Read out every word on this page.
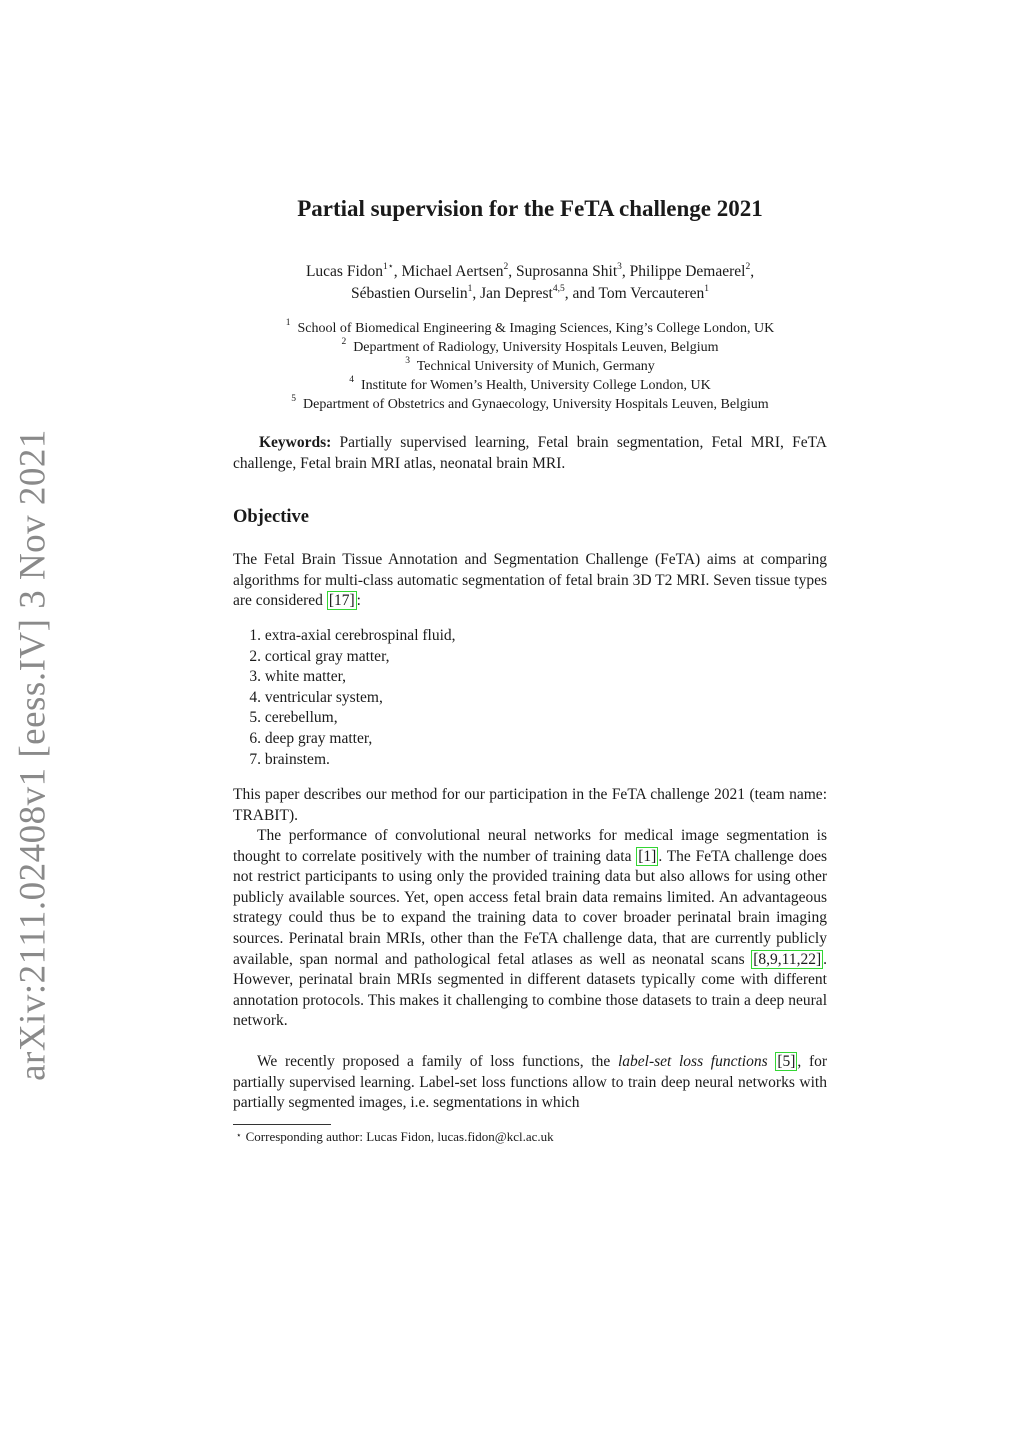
arXiv:2111.02408v1 [eess.IV] 3 Nov 2021
Partial supervision for the FeTA challenge 2021
Lucas Fidon$^{1⋆}$, Michael Aertsen$^2$, Suprosanna Shit$^3$, Philippe Demaerel$^2$,
Sébastien Ourselin$^1$, Jan Deprest$^{4,5}$, and Tom Vercauteren$^1$
$^1$ School of Biomedical Engineering & Imaging Sciences, King’s College London, UK
$^2$ Department of Radiology, University Hospitals Leuven, Belgium
$^3$ Technical University of Munich, Germany
$^4$ Institute for Women’s Health, University College London, UK
$^5$ Department of Obstetrics and Gynaecology, University Hospitals Leuven, Belgium
Keywords: Partially supervised learning, Fetal brain segmentation, Fetal MRI, FeTA challenge, Fetal brain MRI atlas, neonatal brain MRI.
Objective

The Fetal Brain Tissue Annotation and Segmentation Challenge (FeTA) aims at comparing algorithms for multi-class automatic segmentation of fetal brain 3D T2 MRI. Seven tissue types are considered [17] :

1.
extra-axial cerebrospinal fluid,
2.
cortical gray matter,
3.
white matter,
4.
ventricular system,
5.
cerebellum,
6.
deep gray matter,
7.
brainstem.

This paper describes our method for our participation in the FeTA challenge 2021 (team name: TRABIT).

The performance of convolutional neural networks for medical image segmentation is thought to correlate positively with the number of training data [1] . The FeTA challenge does not restrict participants to using only the provided training data but also allows for using other publicly available sources. Yet, open access fetal brain data remains limited. An advantageous strategy could thus be to expand the training data to cover broader perinatal brain imaging sources. Perinatal brain MRIs, other than the FeTA challenge data, that are currently publicly available, span normal and pathological fetal atlases as well as neonatal scans [8,9,11,22] . However, perinatal brain MRIs segmented in different datasets typically come with different annotation protocols. This makes it challenging to combine those datasets to train a deep neural network.

We recently proposed a family of loss functions, the label-set loss functions [5] , for partially supervised learning. Label-set loss functions allow to train deep neural networks with partially segmented images, i.e. segmentations in which

⋆ Corresponding author: Lucas Fidon, lucas.fidon@kcl.ac.uk
